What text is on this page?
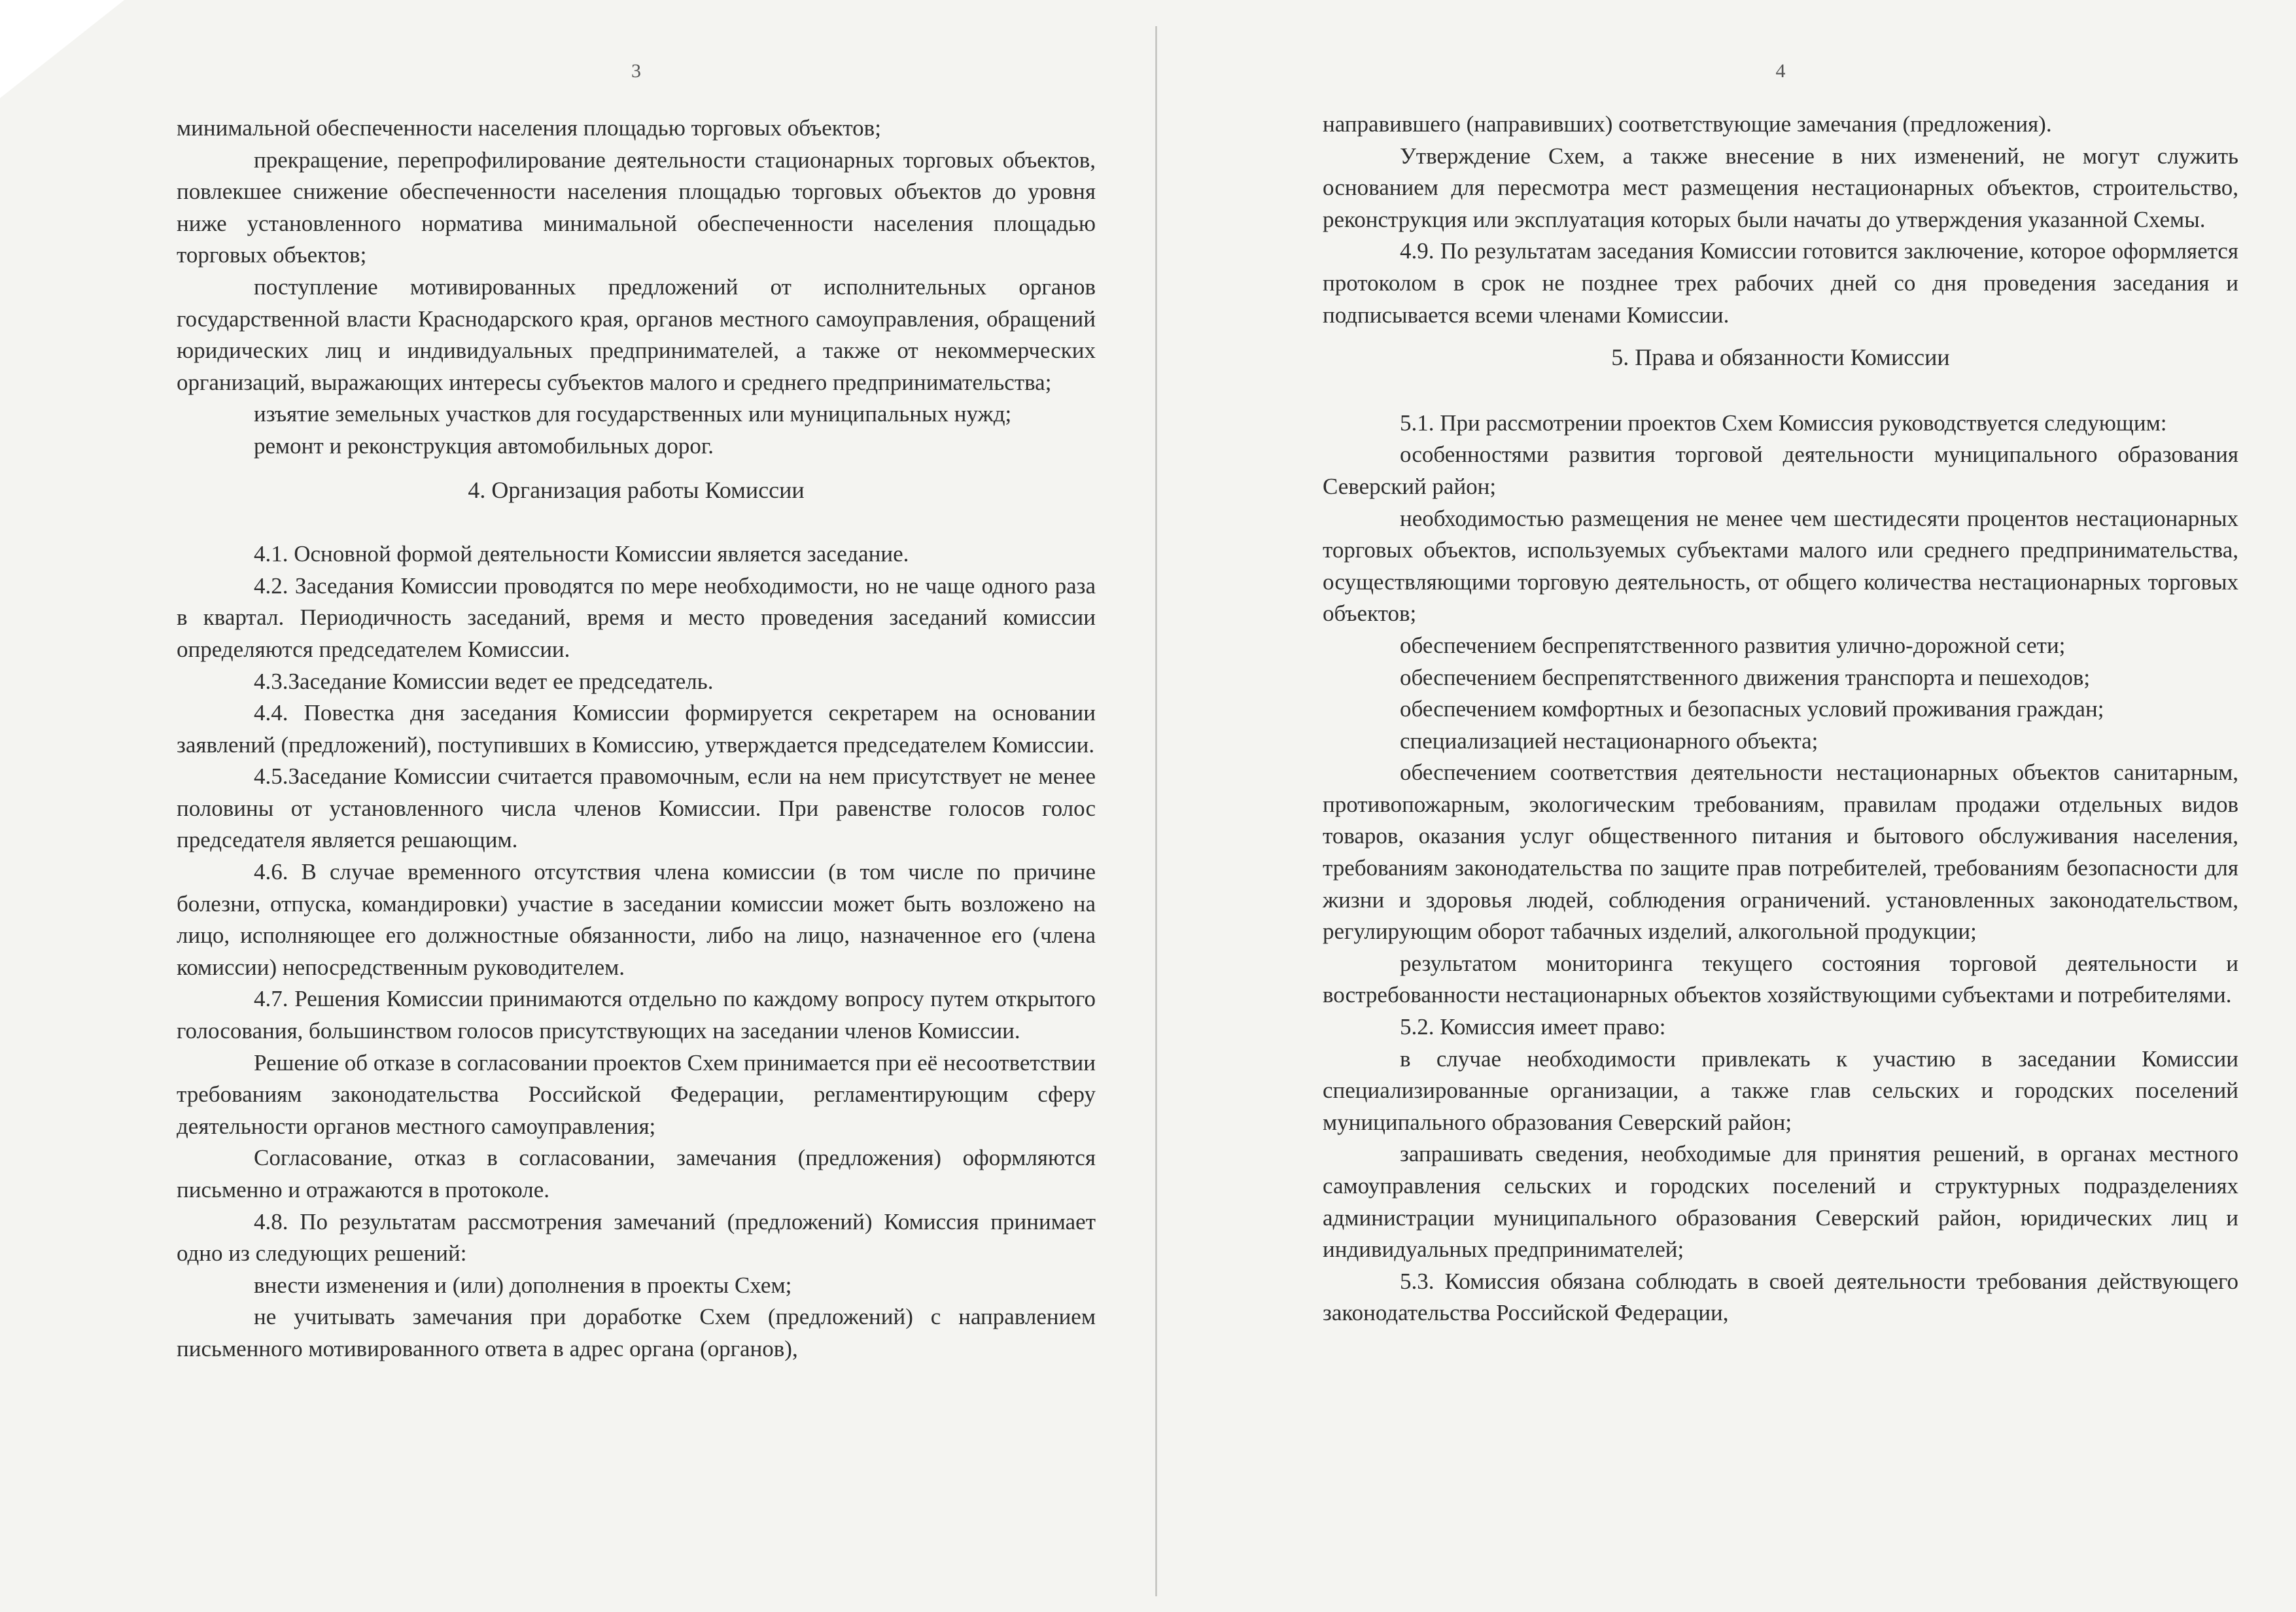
3

минимальной обеспеченности населения площадью торговых объектов;

прекращение, перепрофилирование деятельности стационарных торговых объектов, повлекшее снижение обеспеченности населения площадью торговых объектов до уровня ниже установленного норматива минимальной обеспеченности населения площадью торговых объектов;

поступление мотивированных предложений от исполнительных органов государственной власти Краснодарского края, органов местного самоуправления, обращений юридических лиц и индивидуальных предпринимателей, а также от некоммерческих организаций, выражающих интересы субъектов малого и среднего предпринимательства;

изъятие земельных участков для государственных или муниципальных нужд;

ремонт и реконструкция автомобильных дорог.

4. Организация работы Комиссии

4.1. Основной формой деятельности Комиссии является заседание.

4.2. Заседания Комиссии проводятся по мере необходимости, но не чаще одного раза в квартал. Периодичность заседаний, время и место проведения заседаний комиссии определяются председателем Комиссии.

4.3.Заседание Комиссии ведет ее председатель.

4.4. Повестка дня заседания Комиссии формируется секретарем на основании заявлений (предложений), поступивших в Комиссию, утверждается председателем Комиссии.

4.5.Заседание Комиссии считается правомочным, если на нем присутствует не менее половины от установленного числа членов Комиссии. При равенстве голосов голос председателя является решающим.

4.6. В случае временного отсутствия члена комиссии (в том числе по причине болезни, отпуска, командировки) участие в заседании комиссии может быть возложено на лицо, исполняющее его должностные обязанности, либо на лицо, назначенное его (члена комиссии) непосредственным руководителем.

4.7. Решения Комиссии принимаются отдельно по каждому вопросу путем открытого голосования, большинством голосов присутствующих на заседании членов Комиссии.

Решение об отказе в согласовании проектов Схем принимается при её несоответствии требованиям законодательства Российской Федерации, регламентирующим сферу деятельности органов местного самоуправления;

Согласование, отказ в согласовании, замечания (предложения) оформляются письменно и отражаются в протоколе.

4.8. По результатам рассмотрения замечаний (предложений) Комиссия принимает одно из следующих решений:

внести изменения и (или) дополнения в проекты Схем;

не учитывать замечания при доработке Схем (предложений) с направлением письменного мотивированного ответа в адрес органа (органов),

4

направившего (направивших) соответствующие замечания (предложения).

Утверждение Схем, а также внесение в них изменений, не могут служить основанием для пересмотра мест размещения нестационарных объектов, строительство, реконструкция или эксплуатация которых были начаты до утверждения указанной Схемы.

4.9. По результатам заседания Комиссии готовится заключение, которое оформляется протоколом в срок не позднее трех рабочих дней со дня проведения заседания и подписывается всеми членами Комиссии.

5. Права и обязанности Комиссии

5.1. При рассмотрении проектов Схем Комиссия руководствуется следующим:

особенностями развития торговой деятельности муниципального образования Северский район;

необходимостью размещения не менее чем шестидесяти процентов нестационарных торговых объектов, используемых субъектами малого или среднего предпринимательства, осуществляющими торговую деятельность, от общего количества нестационарных торговых объектов;

обеспечением беспрепятственного развития улично-дорожной сети;

обеспечением беспрепятственного движения транспорта и пешеходов;

обеспечением комфортных и безопасных условий проживания граждан;

специализацией нестационарного объекта;

обеспечением соответствия деятельности нестационарных объектов санитарным, противопожарным, экологическим требованиям, правилам продажи отдельных видов товаров, оказания услуг общественного питания и бытового обслуживания населения, требованиям законодательства по защите прав потребителей, требованиям безопасности для жизни и здоровья людей, соблюдения ограничений. установленных законодательством, регулирующим оборот табачных изделий, алкогольной продукции;

результатом мониторинга текущего состояния торговой деятельности и востребованности нестационарных объектов хозяйствующими субъектами и потребителями.

5.2. Комиссия имеет право:

в случае необходимости привлекать к участию в заседании Комиссии специализированные организации, а также глав сельских и городских поселений муниципального образования Северский район;

запрашивать сведения, необходимые для принятия решений, в органах местного самоуправления сельских и городских поселений и структурных подразделениях администрации муниципального образования Северский район, юридических лиц и индивидуальных предпринимателей;

5.3. Комиссия обязана соблюдать в своей деятельности требования действующего законодательства Российской Федерации,
